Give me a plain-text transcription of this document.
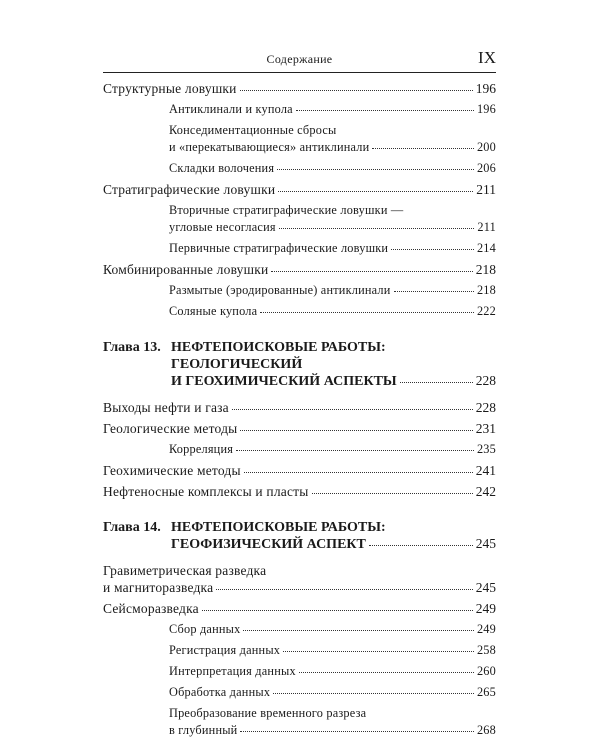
Содержание	IX
Структурные ловушки	196
Антиклинали и купола	196
Конседиментационные сбросы
и «перекатывающиеся» антиклинали	200
Складки волочения	206
Стратиграфические ловушки	211
Вторичные стратиграфические ловушки —
угловые несогласия	211
Первичные стратиграфические ловушки	214
Комбинированные ловушки	218
Размытые (эродированные) антиклинали	218
Соляные купола	222
Глава 13. НЕФТЕПОИСКОВЫЕ РАБОТЫ:
ГЕОЛОГИЧЕСКИЙ
И ГЕОХИМИЧЕСКИЙ АСПЕКТЫ	228
Выходы нефти и газа	228
Геологические методы	231
Корреляция	235
Геохимические методы	241
Нефтеносные комплексы и пласты	242
Глава 14. НЕФТЕПОИСКОВЫЕ РАБОТЫ:
ГЕОФИЗИЧЕСКИЙ АСПЕКТ	245
Гравиметрическая разведка
и магниторазведка	245
Сейсморазведка	249
Сбор данных	249
Регистрация данных	258
Интерпретация данных	260
Обработка данных	265
Преобразование временного разреза
в глубинный	268
